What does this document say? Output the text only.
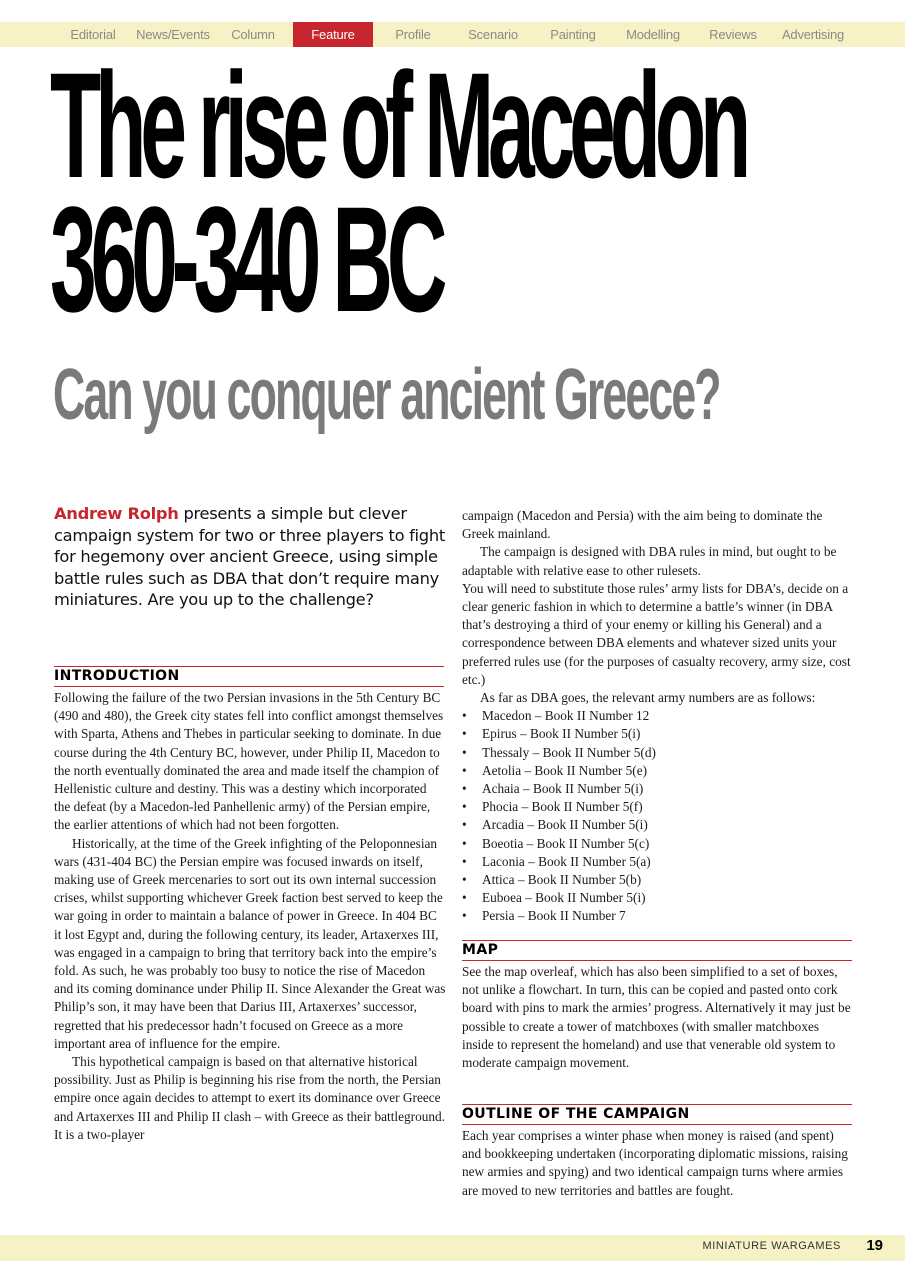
Editorial	News/Events	Column	Feature	Profile	Scenario	Painting	Modelling	Reviews	Advertising
The rise of Macedon
360-340 BC
Can you conquer ancient Greece?

Andrew Rolph presents a simple but clever campaign system for two or three players to fight for hegemony over ancient Greece, using simple battle rules such as DBA that don’t require many miniatures. Are you up to the challenge?

INTRODUCTION

Following the failure of the two Persian invasions in the 5th Century BC (490 and 480), the Greek city states fell into conflict amongst themselves with Sparta, Athens and Thebes in particular seeking to dominate. In due course during the 4th Century BC, however, under Philip II, Macedon to the north eventually dominated the area and made itself the champion of Hellenistic culture and destiny. This was a destiny which incorporated the defeat (by a Macedon-led Panhellenic army) of the Persian empire, the earlier attentions of which had not been forgotten.

Historically, at the time of the Greek infighting of the Peloponnesian wars (431-404 BC) the Persian empire was focused inwards on itself, making use of Greek mercenaries to sort out its own internal succession crises, whilst supporting whichever Greek faction best served to keep the war going in order to maintain a balance of power in Greece. In 404 BC it lost Egypt and, during the following century, its leader, Artaxerxes III, was engaged in a campaign to bring that territory back into the empire’s fold. As such, he was probably too busy to notice the rise of Macedon and its coming dominance under Philip II. Since Alexander the Great was Philip’s son, it may have been that Darius III, Artaxerxes’ successor, regretted that his predecessor hadn’t focused on Greece as a more important area of influence for the empire.

This hypothetical campaign is based on that alternative historical possibility. Just as Philip is beginning his rise from the north, the Persian empire once again decides to attempt to exert its dominance over Greece and Artaxerxes III and Philip II clash – with Greece as their battleground. It is a two-player

campaign (Macedon and Persia) with the aim being to dominate the Greek mainland.

The campaign is designed with DBA rules in mind, but ought to be adaptable with relative ease to other rulesets.

You will need to substitute those rules’ army lists for DBA’s, decide on a clear generic fashion in which to determine a battle’s winner (in DBA that’s destroying a third of your enemy or killing his General) and a correspondence between DBA elements and whatever sized units your preferred rules use (for the purposes of casualty recovery, army size, cost etc.)

As far as DBA goes, the relevant army numbers are as follows:

• Macedon – Book II Number 12
• Epirus – Book II Number 5(i)
• Thessaly – Book II Number 5(d)
• Aetolia – Book II Number 5(e)
• Achaia – Book II Number 5(i)
• Phocia – Book II Number 5(f)
• Arcadia – Book II Number 5(i)
• Boeotia – Book II Number 5(c)
• Laconia – Book II Number 5(a)
• Attica – Book II Number 5(b)
• Euboea – Book II Number 5(i)
• Persia – Book II Number 7
MAP

See the map overleaf, which has also been simplified to a set of boxes, not unlike a flowchart. In turn, this can be copied and pasted onto cork board with pins to mark the armies’ progress. Alternatively it may just be possible to create a tower of matchboxes (with smaller matchboxes inside to represent the homeland) and use that venerable old system to moderate campaign movement.

OUTLINE OF THE CAMPAIGN

Each year comprises a winter phase when money is raised (and spent) and bookkeeping undertaken (incorporating diplomatic missions, raising new armies and spying) and two identical campaign turns where armies are moved to new territories and battles are fought.

MINIATURE WARGAMES 19
